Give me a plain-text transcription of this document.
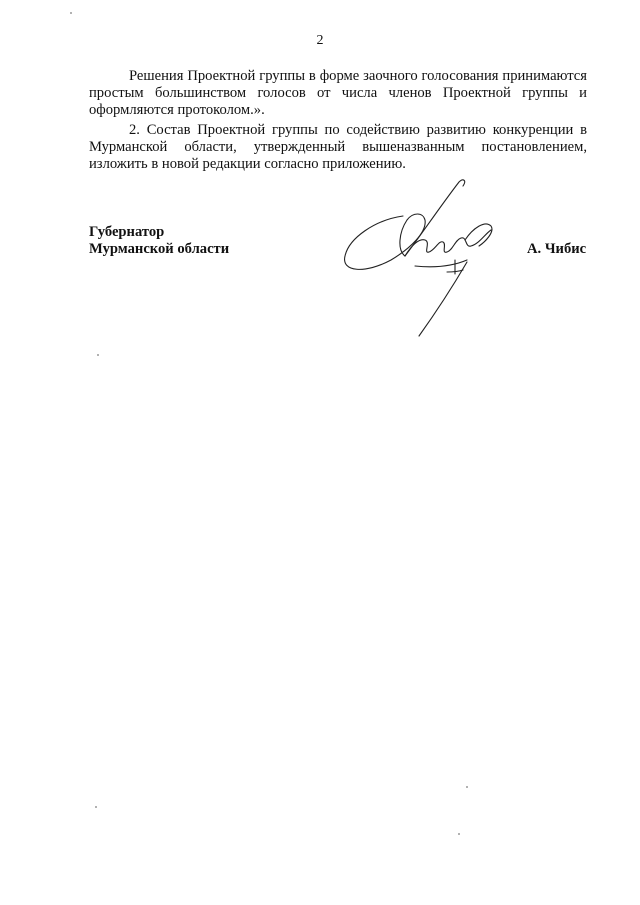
2

Решения Проектной группы в форме заочного голосования принимаются простым большинством голосов от числа членов Проектной группы и оформляются протоколом.».

2. Состав Проектной группы по содействию развитию конкуренции в Мурманской области, утвержденный вышеназванным постановлением, изложить в новой редакции согласно приложению.

Губернатор
Мурманской области	А. Чибис
